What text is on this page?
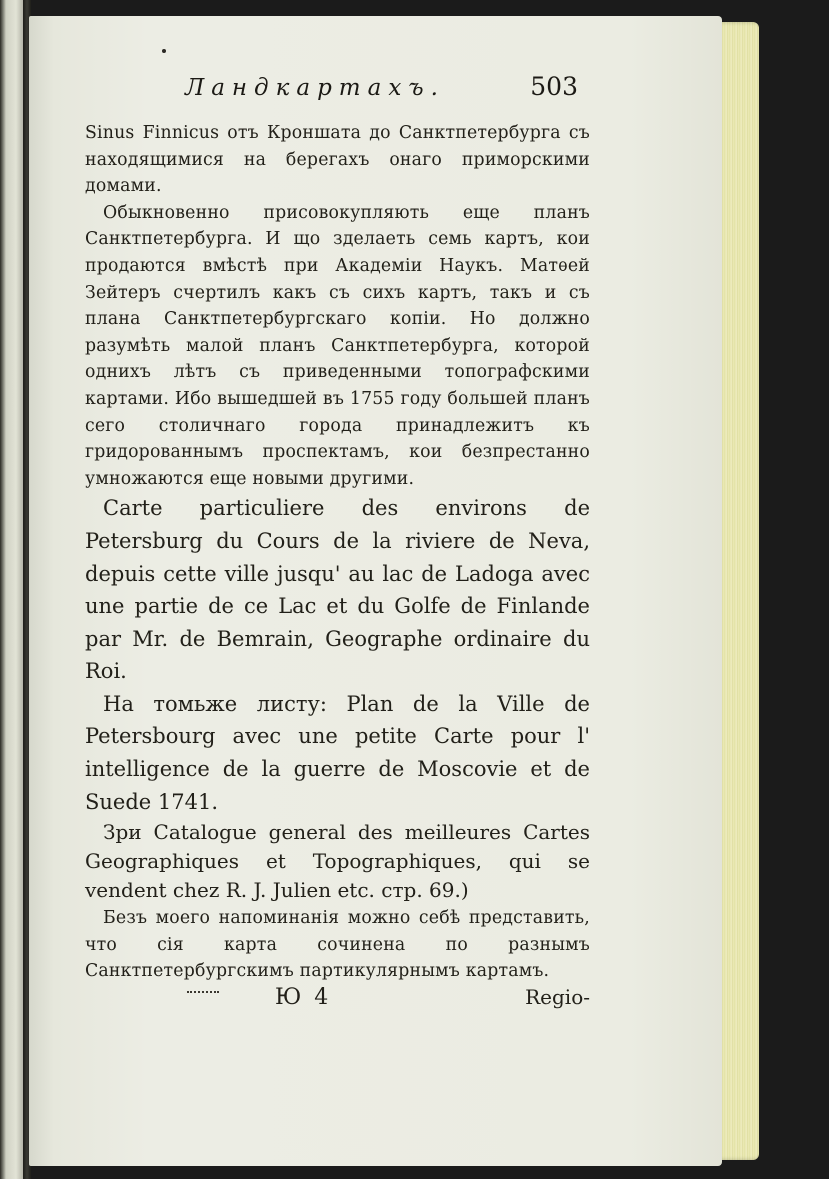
Ландкартахъ.	503

Sinus Finnicus отъ Кроншата до Санктпетербурга съ находящимися на берегахъ онаго приморскими домами.

Обыкновенно присовокупляють еще планъ Санктпетербурга. И що зделаеть семь картъ, кои продаются вмѣстѣ при Академіи Наукъ. Матѳей Зейтеръ счертилъ какъ съ сихъ картъ, такъ и съ плана Санктпетербургскаго копіи. Но должно разумѣть малой планъ Санктпетербурга, которой однихъ лѣтъ съ приведенными топографскими картами. Ибо вышедшей въ 1755 году большей планъ сего столичнаго города принадлежитъ къ гридорованнымъ проспектамъ, кои безпрестанно умножаются еще новыми другими.

Carte particuliere des environs de Petersburg du Cours de la riviere de Neva, depuis cette ville jusqu' au lac de Ladoga avec une partie de ce Lac et du Golfe de Finlande par Mr. de Bemrain, Geographe ordinaire du Roi.

На томьже листу: Plan de la Ville de Petersbourg avec une petite Carte pour l' intelligence de la guerre de Moscovie et de Suede 1741.

Зри Catalogue general des meilleures Cartes Geographiques et Topographiques, qui se vendent chez R. J. Julien etc. стр. 69.)

Безъ моего напоминанія можно себѣ представить, что сія карта сочинена по разнымъ Санктпетербургскимъ партикулярнымъ картамъ.

Ю 4	Regio-
